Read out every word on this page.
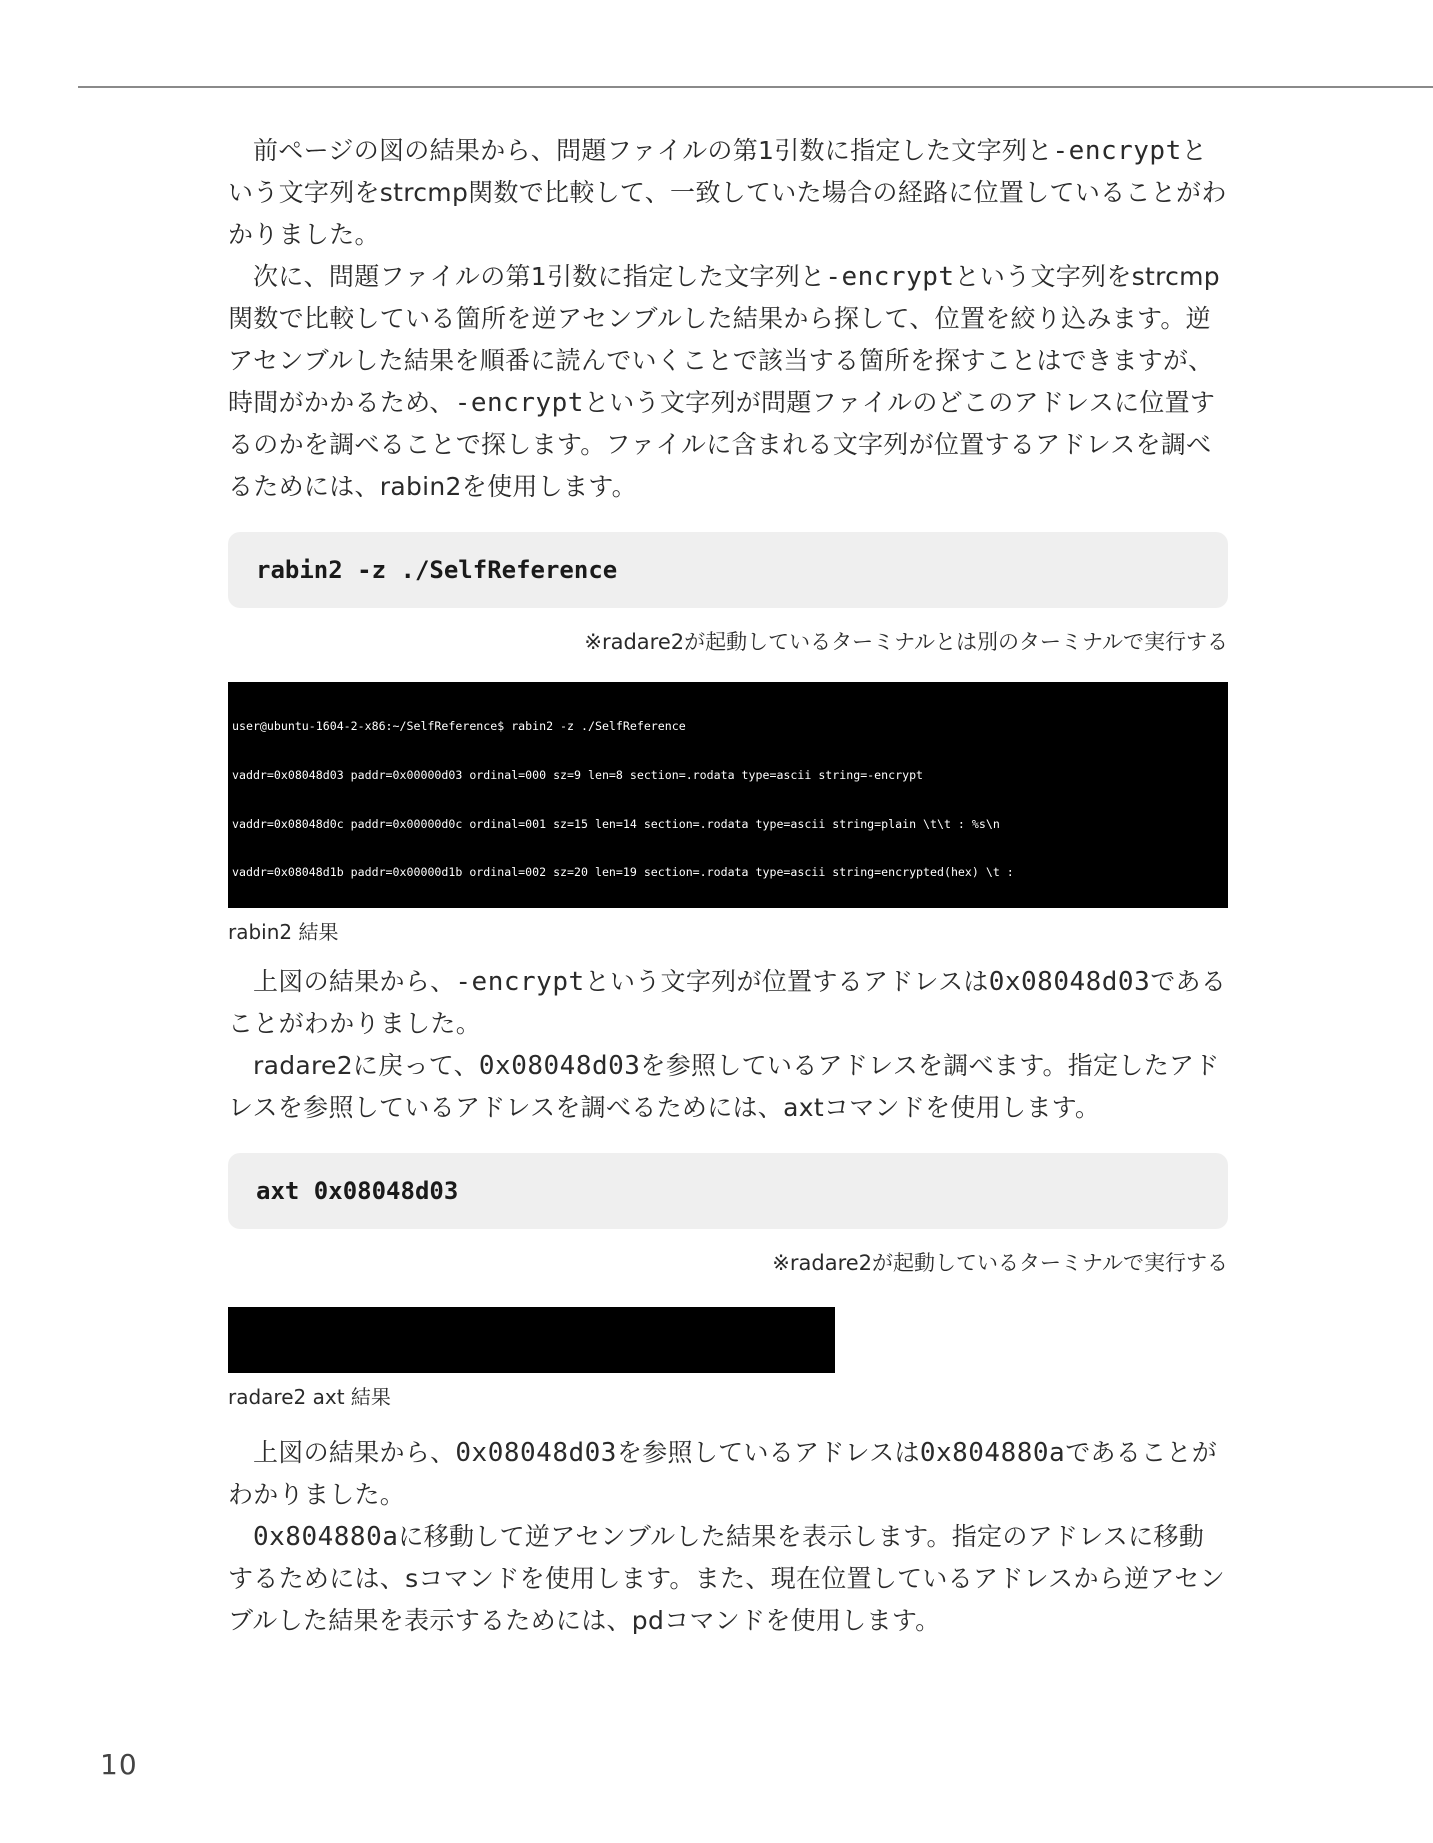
前ページの図の結果から、問題ファイルの第1引数に指定した文字列と-encryptという文字列をstrcmp関数で比較して、一致していた場合の経路に位置していることがわかりました。

次に、問題ファイルの第1引数に指定した文字列と-encryptという文字列をstrcmp関数で比較している箇所を逆アセンブルした結果から探して、位置を絞り込みます。逆アセンブルした結果を順番に読んでいくことで該当する箇所を探すことはできますが、時間がかかるため、-encryptという文字列が問題ファイルのどこのアドレスに位置するのかを調べることで探します。ファイルに含まれる文字列が位置するアドレスを調べるためには、rabin2を使用します。

rabin2 -z ./SelfReference
※radare2が起動しているターミナルとは別のターミナルで実行する

user@ubuntu-1604-2-x86:~/SelfReference$ rabin2 -z ./SelfReference

vaddr=0x08048d03 paddr=0x00000d03 ordinal=000 sz=9 len=8 section=.rodata type=ascii string=-encrypt

vaddr=0x08048d0c paddr=0x00000d0c ordinal=001 sz=15 len=14 section=.rodata type=ascii string=plain \t\t : %s\n

vaddr=0x08048d1b paddr=0x00000d1b ordinal=002 sz=20 len=19 section=.rodata type=ascii string=encrypted(hex) \t :

rabin2 結果

上図の結果から、-encryptという文字列が位置するアドレスは0x08048d03であることがわかりました。

radare2に戻って、0x08048d03を参照しているアドレスを調べます。指定したアドレスを参照しているアドレスを調べるためには、axtコマンドを使用します。

axt 0x08048d03
※radare2が起動しているターミナルで実行する

radare2 axt 結果

上図の結果から、0x08048d03を参照しているアドレスは0x804880aであることがわかりました。

0x804880aに移動して逆アセンブルした結果を表示します。指定のアドレスに移動するためには、sコマンドを使用します。また、現在位置しているアドレスから逆アセンブルした結果を表示するためには、pdコマンドを使用します。

10
